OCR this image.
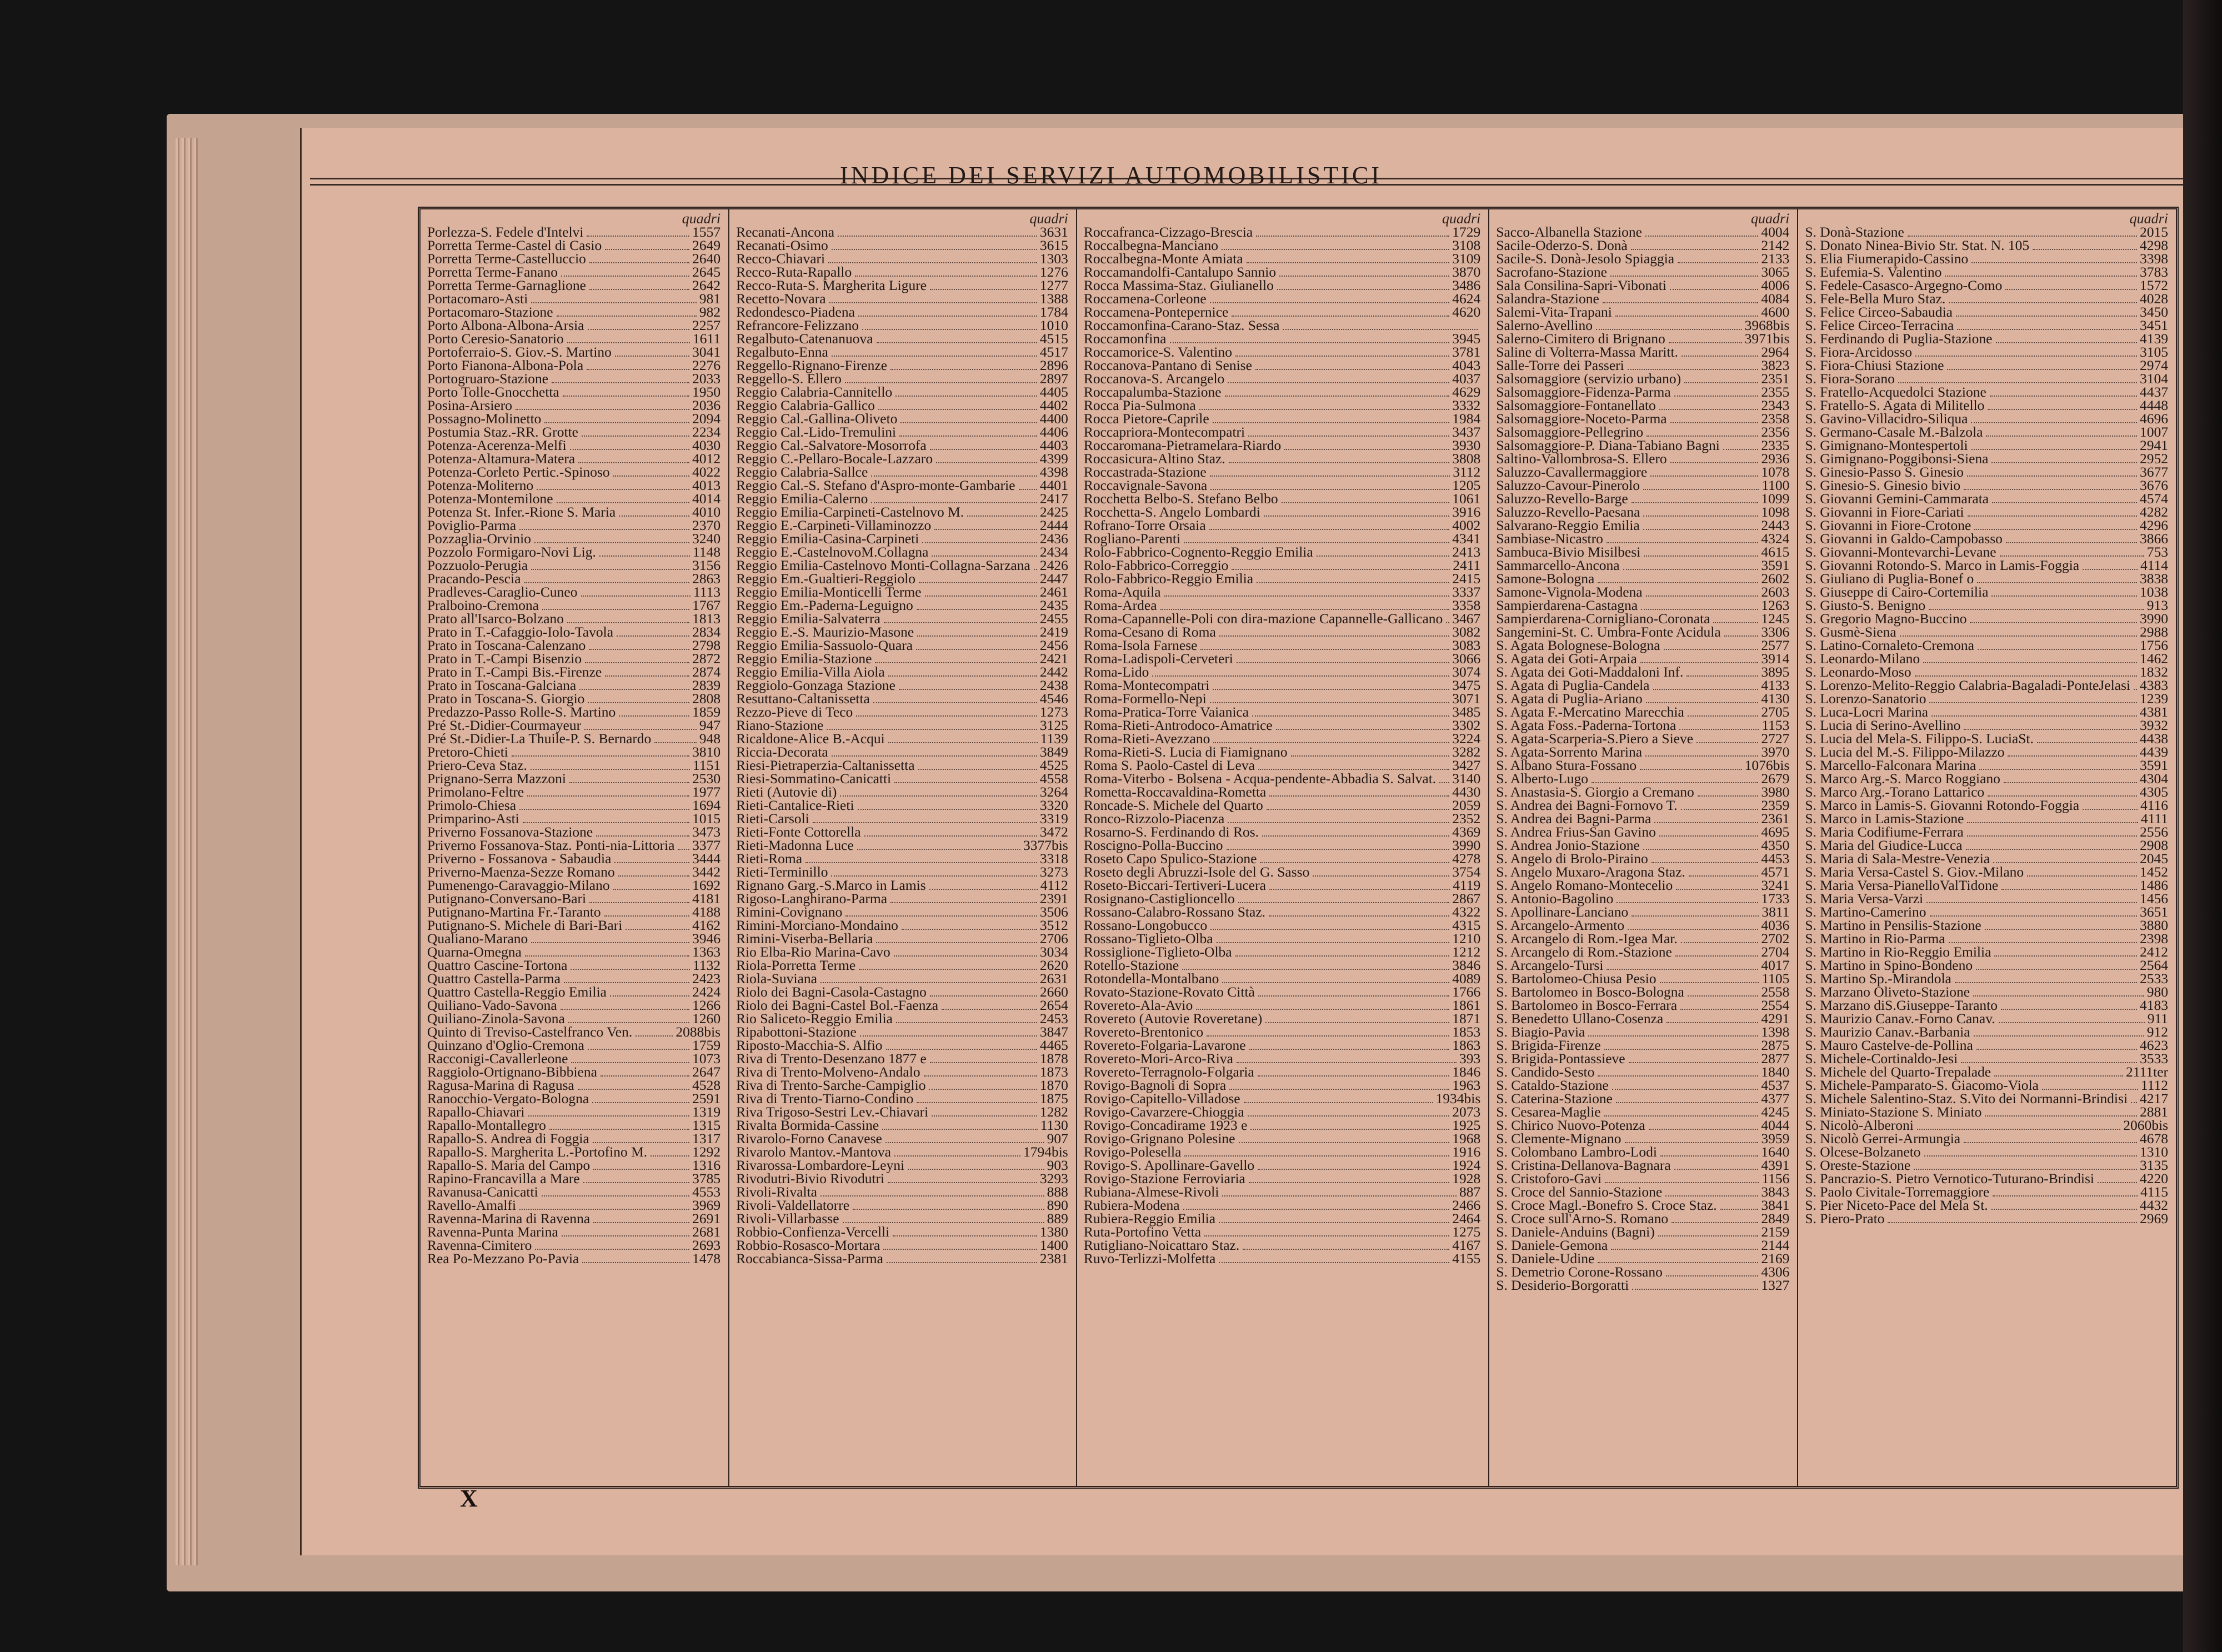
INDICE DEI SERVIZI AUTOMOBILISTICI
quadri
Porlezza-S. Fedele d'Intelvi	1557
Porretta Terme-Castel di Casio	2649
Porretta Terme-Castelluccio	2640
Porretta Terme-Fanano	2645
Porretta Terme-Garnaglione	2642
Portacomaro-Asti	981
Portacomaro-Stazione	982
Porto Albona-Albona-Arsia	2257
Porto Ceresio-Sanatorio	1611
Portoferraio-S. Giov.-S. Martino	3041
Porto Fianona-Albona-Pola	2276
Portogruaro-Stazione	2033
Porto Tolle-Gnocchetta	1950
Posina-Arsiero	2036
Possagno-Molinetto	2094
Postumia Staz.-RR. Grotte	2234
Potenza-Acerenza-Melfi	4030
Potenza-Altamura-Matera	4012
Potenza-Corleto Pertic.-Spinoso	4022
Potenza-Moliterno	4013
Potenza-Montemilone	4014
Potenza St. Infer.-Rione S. Maria	4010
Poviglio-Parma	2370
Pozzaglia-Orvinio	3240
Pozzolo Formigaro-Novi Lig.	1148
Pozzuolo-Perugia	3156
Pracando-Pescia	2863
Pradleves-Caraglio-Cuneo	1113
Pralboino-Cremona	1767
Prato all'Isarco-Bolzano	1813
Prato in T.-Cafaggio-Iolo-Tavola	2834
Prato in Toscana-Calenzano	2798
Prato in T.-Campi Bisenzio	2872
Prato in T.-Campi Bis.-Firenze	2874
Prato in Toscana-Galciana	2839
Prato in Toscana-S. Giorgio	2808
Predazzo-Passo Rolle-S. Martino	1859
Pré St.-Didier-Courmayeur	947
Pré St.-Didier-La Thuile-P. S. Bernardo	948
Pretoro-Chieti	3810
Priero-Ceva Staz.	1151
Prignano-Serra Mazzoni	2530
Primolano-Feltre	1977
Primolo-Chiesa	1694
Primparino-Asti	1015
Priverno Fossanova-Stazione	3473
Priverno Fossanova-Staz. Ponti-nia-Littoria 3377
Priverno - Fossanova - Sabaudia	3444
Priverno-Maenza-Sezze Romano	3442
Pumenengo-Caravaggio-Milano	1692
Putignano-Conversano-Bari	4181
Putignano-Martina Fr.-Taranto	4188
Putignano-S. Michele di Bari-Bari	4162
Qualiano-Marano	3946
Quarna-Omegna	1363
Quattro Cascine-Tortona	1132
Quattro Castella-Parma	2423
Quattro Castella-Reggio Emilia	2424
Quiliano-Vado-Savona	1266
Quiliano-Zinola-Savona	1260
Quinto di Treviso-Castelfranco Ven.	2088bis
Quinzano d'Oglio-Cremona	1759
Racconigi-Cavallerleone	1073
Raggiolo-Ortignano-Bibbiena	2647
Ragusa-Marina di Ragusa	4528
Ranocchio-Vergato-Bologna	2591
Rapallo-Chiavari	1319
Rapallo-Montallegro	1315
Rapallo-S. Andrea di Foggia	1317
Rapallo-S. Margherita L.-Portofino M.	1292
Rapallo-S. Maria del Campo	1316
Rapino-Francavilla a Mare	3785
Ravanusa-Canicatti	4553
Ravello-Amalfi	3969
Ravenna-Marina di Ravenna	2691
Ravenna-Punta Marina	2681
Ravenna-Cimitero	2693
Rea Po-Mezzano Po-Pavia	1478
quadri
Recanati-Ancona	3631
Recanati-Osimo	3615
Recco-Chiavari	1303
Recco-Ruta-Rapallo	1276
Recco-Ruta-S. Margherita Ligure	1277
Recetto-Novara	1388
Redondesco-Piadena	1784
Refrancore-Felizzano	1010
Regalbuto-Catenanuova	4515
Regalbuto-Enna	4517
Reggello-Rignano-Firenze	2896
Reggello-S. Ellero	2897
Reggio Calabria-Cannitello	4405
Reggio Calabria-Gallico	4402
Reggio Cal.-Gallina-Oliveto	4400
Reggio Cal.-Lido-Tremulini	4406
Reggio Cal.-Salvatore-Mosorrofa	4403
Reggio C.-Pellaro-Bocale-Lazzaro	4399
Reggio Calabria-Sallce	4398
Reggio Cal.-S. Stefano d'Aspro-monte-Gambarie 4401
Reggio Emilia-Calerno	2417
Reggio Emilia-Carpineti-Castelnovo M.	2425
Reggio E.-Carpineti-Villaminozzo	2444
Reggio Emilia-Casina-Carpineti	2436
Reggio E.-CastelnovoM.Collagna	2434
Reggio Emilia-Castelnovo Monti-Collagna-Sarzana 2426
Reggio Em.-Gualtieri-Reggiolo	2447
Reggio Emilia-Monticelli Terme	2461
Reggio Em.-Paderna-Leguigno	2435
Reggio Emilia-Salvaterra	2455
Reggio E.-S. Maurizio-Masone	2419
Reggio Emilia-Sassuolo-Quara	2456
Reggio Emilia-Stazione	2421
Reggio Emilia-Villa Aiola	2442
Reggiolo-Gonzaga Stazione	2438
Resuttano-Caltanissetta	4546
Rezzo-Pieve di Teco	1273
Riano-Stazione	3125
Ricaldone-Alice B.-Acqui	1139
Riccia-Decorata	3849
Riesi-Pietraperzia-Caltanissetta	4525
Riesi-Sommatino-Canicatti	4558
Rieti (Autovie di)	3264
Rieti-Cantalice-Rieti	3320
Rieti-Carsoli	3319
Rieti-Fonte Cottorella	3472
Rieti-Madonna Luce	3377bis
Rieti-Roma	3318
Rieti-Terminillo	3273
Rignano Garg.-S.Marco in Lamis	4112
Rigoso-Langhirano-Parma	2391
Rimini-Covignano	3506
Rimini-Morciano-Mondaino	3512
Rimini-Viserba-Bellaria	2706
Rio Elba-Rio Marina-Cavo	3034
Riola-Porretta Terme	2620
Riola-Suviana	2631
Riolo dei Bagni-Casola-Castagno	2660
Riolo dei Bagni-Castel Bol.-Faenza	2654
Rio Saliceto-Reggio Emilia	2453
Ripabottoni-Stazione	3847
Riposto-Macchia-S. Alfio	4465
Riva di Trento-Desenzano 1877 e	1878
Riva di Trento-Molveno-Andalo	1873
Riva di Trento-Sarche-Campiglio	1870
Riva di Trento-Tiarno-Condino	1875
Riva Trigoso-Sestri Lev.-Chiavari	1282
Rivalta Bormida-Cassine	1130
Rivarolo-Forno Canavese	907
Rivarolo Mantov.-Mantova	1794bis
Rivarossa-Lombardore-Leyni	903
Rivodutri-Bivio Rivodutri	3293
Rivoli-Rivalta	888
Rivoli-Valdellatorre	890
Rivoli-Villarbasse	889
Robbio-Confienza-Vercelli	1380
Robbio-Rosasco-Mortara	1400
Roccabianca-Sissa-Parma	2381
quadri
Roccafranca-Cizzago-Brescia	1729
Roccalbegna-Manciano	3108
Roccalbegna-Monte Amiata	3109
Roccamandolfi-Cantalupo Sannio	3870
Rocca Massima-Staz. Giulianello	3486
Roccamena-Corleone	4624
Roccamena-Pontepernice	4620
Roccamonfina-Carano-Staz. Sessa
Roccamonfina	3945
Roccamorice-S. Valentino	3781
Roccanova-Pantano di Senise	4043
Roccanova-S. Arcangelo	4037
Roccapalumba-Stazione	4629
Rocca Pia-Sulmona	3332
Rocca Pietore-Caprile	1984
Roccapriora-Montecompatri	3437
Roccaromana-Pietramelara-Riardo	3930
Roccasicura-Altino Staz.	3808
Roccastrada-Stazione	3112
Roccavignale-Savona	1205
Rocchetta Belbo-S. Stefano Belbo	1061
Rocchetta-S. Angelo Lombardi	3916
Rofrano-Torre Orsaia	4002
Rogliano-Parenti	4341
Rolo-Fabbrico-Cognento-Reggio Emilia	2413
Rolo-Fabbrico-Correggio	2411
Rolo-Fabbrico-Reggio Emilia	2415
Roma-Aquila	3337
Roma-Ardea	3358
Roma-Capannelle-Poli con dira-mazione Capannelle-Gallicano 3467
Roma-Cesano di Roma	3082
Roma-Isola Farnese	3083
Roma-Ladispoli-Cerveteri	3066
Roma-Lido	3074
Roma-Montecompatri	3475
Roma-Formello-Nepi	3071
Roma-Pratica-Torre Vaianica	3485
Roma-Rieti-Antrodoco-Amatrice	3302
Roma-Rieti-Avezzano	3224
Roma-Rieti-S. Lucia di Fiamignano	3282
Roma S. Paolo-Castel di Leva	3427
Roma-Viterbo - Bolsena - Acqua-pendente-Abbadia S. Salvat. 3140
Rometta-Roccavaldina-Rometta	4430
Roncade-S. Michele del Quarto	2059
Ronco-Rizzolo-Piacenza	2352
Rosarno-S. Ferdinando di Ros.	4369
Roscigno-Polla-Buccino	3990
Roseto Capo Spulico-Stazione	4278
Roseto degli Abruzzi-Isole del G. Sasso	3754
Roseto-Biccari-Tertiveri-Lucera	4119
Rosignano-Castiglioncello	2867
Rossano-Calabro-Rossano Staz.	4322
Rossano-Longobucco	4315
Rossano-Tiglieto-Olba	1210
Rossiglione-Tiglieto-Olba	1212
Rotello-Stazione	3846
Rotondella-Montalbano	4089
Rovato-Stazione-Rovato Città	1766
Rovereto-Ala-Avio	1861
Rovereto (Autovie Roveretane)	1871
Rovereto-Brentonico	1853
Rovereto-Folgaria-Lavarone	1863
Rovereto-Mori-Arco-Riva	393
Rovereto-Terragnolo-Folgaria	1846
Rovigo-Bagnoli di Sopra	1963
Rovigo-Capitello-Villadose	1934bis
Rovigo-Cavarzere-Chioggia	2073
Rovigo-Concadirame 1923 e	1925
Rovigo-Grignano Polesine	1968
Rovigo-Polesella	1916
Rovigo-S. Apollinare-Gavello	1924
Rovigo-Stazione Ferroviaria	1928
Rubiana-Almese-Rivoli	887
Rubiera-Modena	2466
Rubiera-Reggio Emilia	2464
Ruta-Portofino Vetta	1275
Rutigliano-Noicattaro Staz.	4167
Ruvo-Terlizzi-Molfetta	4155
quadri
Sacco-Albanella Stazione	4004
Sacile-Oderzo-S. Donà	2142
Sacile-S. Donà-Jesolo Spiaggia	2133
Sacrofano-Stazione	3065
Sala Consilina-Sapri-Vibonati	4006
Salandra-Stazione	4084
Salemi-Vita-Trapani	4600
Salerno-Avellino	3968bis
Salerno-Cimitero di Brignano	3971bis
Saline di Volterra-Massa Maritt.	2964
Salle-Torre dei Passeri	3823
Salsomaggiore (servizio urbano)	2351
Salsomaggiore-Fidenza-Parma	2355
Salsomaggiore-Fontanellato	2343
Salsomaggiore-Noceto-Parma	2358
Salsomaggiore-Pellegrino	2356
Salsomaggiore-P. Diana-Tabiano Bagni	2335
Saltino-Vallombrosa-S. Ellero	2936
Saluzzo-Cavallermaggiore	1078
Saluzzo-Cavour-Pinerolo	1100
Saluzzo-Revello-Barge	1099
Saluzzo-Revello-Paesana	1098
Salvarano-Reggio Emilia	2443
Sambiase-Nicastro	4324
Sambuca-Bivio Misilbesi	4615
Sammarcello-Ancona	3591
Samone-Bologna	2602
Samone-Vignola-Modena	2603
Sampierdarena-Castagna	1263
Sampierdarena-Cornigliano-Coronata	1245
Sangemini-St. C. Umbra-Fonte Acidula	3306
S. Agata Bolognese-Bologna	2577
S. Agata dei Goti-Arpaia	3914
S. Agata dei Goti-Maddaloni Inf.	3895
S. Agata di Puglia-Candela	4133
S. Agata di Puglia-Ariano	4130
S. Agata F.-Mercatino Marecchia	2705
S. Agata Foss.-Paderna-Tortona	1153
S. Agata-Scarperia-S.Piero a Sieve	2727
S. Agata-Sorrento Marina	3970
S. Albano Stura-Fossano	1076bis
S. Alberto-Lugo	2679
S. Anastasia-S. Giorgio a Cremano	3980
S. Andrea dei Bagni-Fornovo T.	2359
S. Andrea dei Bagni-Parma	2361
S. Andrea Frius-San Gavino	4695
S. Andrea Jonio-Stazione	4350
S. Angelo di Brolo-Piraino	4453
S. Angelo Muxaro-Aragona Staz.	4571
S. Angelo Romano-Montecelio	3241
S. Antonio-Bagolino	1733
S. Apollinare-Lanciano	3811
S. Arcangelo-Armento	4036
S. Arcangelo di Rom.-Igea Mar.	2702
S. Arcangelo di Rom.-Stazione	2704
S. Arcangelo-Tursi	4017
S. Bartolomeo-Chiusa Pesio	1105
S. Bartolomeo in Bosco-Bologna	2558
S. Bartolomeo in Bosco-Ferrara	2554
S. Benedetto Ullano-Cosenza	4291
S. Biagio-Pavia	1398
S. Brigida-Firenze	2875
S. Brigida-Pontassieve	2877
S. Candido-Sesto	1840
S. Cataldo-Stazione	4537
S. Caterina-Stazione	4377
S. Cesarea-Maglie	4245
S. Chirico Nuovo-Potenza	4044
S. Clemente-Mignano	3959
S. Colombano Lambro-Lodi	1640
S. Cristina-Dellanova-Bagnara	4391
S. Cristoforo-Gavi	1156
S. Croce del Sannio-Stazione	3843
S. Croce Magl.-Bonefro S. Croce Staz.	3841
S. Croce sull'Arno-S. Romano	2849
S. Daniele-Anduins (Bagni)	2159
S. Daniele-Gemona	2144
S. Daniele-Udine	2169
S. Demetrio Corone-Rossano	4306
S. Desiderio-Borgoratti	1327
quadri
S. Donà-Stazione	2015
S. Donato Ninea-Bivio Str. Stat. N. 105	4298
S. Elia Fiumerapido-Cassino	3398
S. Eufemia-S. Valentino	3783
S. Fedele-Casasco-Argegno-Como	1572
S. Fele-Bella Muro Staz.	4028
S. Felice Circeo-Sabaudia	3450
S. Felice Circeo-Terracina	3451
S. Ferdinando di Puglia-Stazione	4139
S. Fiora-Arcidosso	3105
S. Fiora-Chiusi Stazione	2974
S. Fiora-Sorano	3104
S. Fratello-Acquedolci Stazione	4437
S. Fratello-S. Agata di Militello	4448
S. Gavino-Villacidro-Siliqua	4696
S. Germano-Casale M.-Balzola	1007
S. Gimignano-Montespertoli	2941
S. Gimignano-Poggibonsi-Siena	2952
S. Ginesio-Passo S. Ginesio	3677
S. Ginesio-S. Ginesio bivio	3676
S. Giovanni Gemini-Cammarata	4574
S. Giovanni in Fiore-Cariati	4282
S. Giovanni in Fiore-Crotone	4296
S. Giovanni in Galdo-Campobasso	3866
S. Giovanni-Montevarchi-Levane	753
S. Giovanni Rotondo-S. Marco in Lamis-Foggia	4114
S. Giuliano di Puglia-Bonef o	3838
S. Giuseppe di Cairo-Cortemilia	1038
S. Giusto-S. Benigno	913
S. Gregorio Magno-Buccino	3990
S. Gusmè-Siena	2988
S. Latino-Cornaleto-Cremona	1756
S. Leonardo-Milano	1462
S. Leonardo-Moso	1832
S. Lorenzo-Melito-Reggio Calabria-Bagaladi-PonteJelasi 4383
S. Lorenzo-Sanatorio	1239
S. Luca-Locri Marina	4381
S. Lucia di Serino-Avellino	3932
S. Lucia del Mela-S. Filippo-S. LuciaSt.	4438
S. Lucia del M.-S. Filippo-Milazzo	4439
S. Marcello-Falconara Marina	3591
S. Marco Arg.-S. Marco Roggiano	4304
S. Marco Arg.-Torano Lattarico	4305
S. Marco in Lamis-S. Giovanni Rotondo-Foggia	4116
S. Marco in Lamis-Stazione	4111
S. Maria Codifiume-Ferrara	2556
S. Maria del Giudice-Lucca	2908
S. Maria di Sala-Mestre-Venezia	2045
S. Maria Versa-Castel S. Giov.-Milano	1452
S. Maria Versa-PianelloValTidone	1486
S. Maria Versa-Varzi	1456
S. Martino-Camerino	3651
S. Martino in Pensilis-Stazione	3880
S. Martino in Rio-Parma	2398
S. Martino in Rio-Reggio Emilia	2412
S. Martino in Spino-Bondeno	2564
S. Martino Sp.-Mirandola	2533
S. Marzano Oliveto-Stazione	980
S. Marzano diS.Giuseppe-Taranto	4183
S. Maurizio Canav.-Forno Canav.	911
S. Maurizio Canav.-Barbania	912
S. Mauro Castelve-de-Pollina	4623
S. Michele-Cortinaldo-Jesi	3533
S. Michele del Quarto-Trepalade	2111ter
S. Michele-Pamparato-S. Giacomo-Viola	1112
S. Michele Salentino-Staz. S.Vito dei Normanni-Brindisi 4217
S. Miniato-Stazione S. Miniato	2881
S. Nicolò-Alberoni	2060bis
S. Nicolò Gerrei-Armungia	4678
S. Olcese-Bolzaneto	1310
S. Oreste-Stazione	3135
S. Pancrazio-S. Pietro Vernotico-Tuturano-Brindisi	4220
S. Paolo Civitale-Torremaggiore	4115
S. Pier Niceto-Pace del Mela St.	4432
S. Piero-Prato	2969
X
